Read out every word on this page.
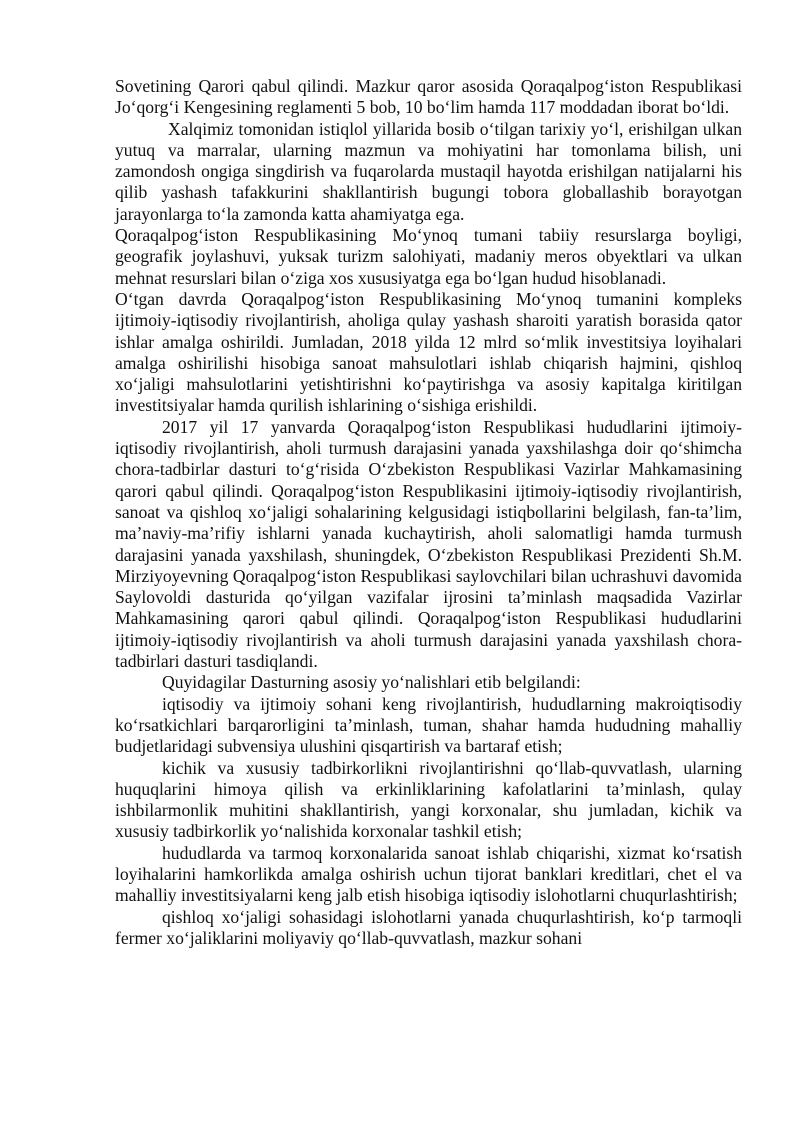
Sovetining Qarori qabul qilindi. Mazkur qaror asosida Qoraqalpog‘iston Respublikasi Jo‘qorg‘i Kengesining reglamenti 5 bob, 10 bo‘lim hamda 117 moddadan iborat bo‘ldi.

Xalqimiz tomonidan istiqlol yillarida bosib o‘tilgan tarixiy yo‘l, erishilgan ulkan yutuq va marralar, ularning mazmun va mohiyatini har tomonlama bilish, uni zamondosh ongiga singdirish va fuqarolarda mustaqil hayotda erishilgan natijalarni his qilib yashash tafakkurini shakllantirish bugungi tobora globallashib borayotgan jarayonlarga to‘la zamonda katta ahamiyatga ega.

Qoraqalpog‘iston Respublikasining Mo‘ynoq tumani tabiiy resurslarga boyligi, geografik joylashuvi, yuksak turizm salohiyati, madaniy meros obyektlari va ulkan mehnat resurslari bilan o‘ziga xos xususiyatga ega bo‘lgan hudud hisoblanadi.

O‘tgan davrda Qoraqalpog‘iston Respublikasining Mo‘ynoq tumanini kompleks ijtimoiy-iqtisodiy rivojlantirish, aholiga qulay yashash sharoiti yaratish borasida qator ishlar amalga oshirildi. Jumladan, 2018 yilda 12 mlrd so‘mlik investitsiya loyihalari amalga oshirilishi hisobiga sanoat mahsulotlari ishlab chiqarish hajmini, qishloq xo‘jaligi mahsulotlarini yetishtirishni ko‘paytirishga va asosiy kapitalga kiritilgan investitsiyalar hamda qurilish ishlarining o‘sishiga erishildi.

2017 yil 17 yanvarda Qoraqalpog‘iston Respublikasi hududlarini ijtimoiy-iqtisodiy rivojlantirish, aholi turmush darajasini yanada yaxshilashga doir qo‘shimcha chora-tadbirlar dasturi to‘g‘risida O‘zbekiston Respublikasi Vazirlar Mahkamasining qarori qabul qilindi. Qoraqalpog‘iston Respublikasini ijtimoiy-iqtisodiy rivojlantirish, sanoat va qishloq xo‘jaligi sohalarining kelgusidagi istiqbollarini belgilash, fan-ta’lim, ma’naviy-ma’rifiy ishlarni yanada kuchaytirish, aholi salomatligi hamda turmush darajasini yanada yaxshilash, shuningdek, O‘zbekiston Respublikasi Prezidenti Sh.M. Mirziyoyevning Qoraqalpog‘iston Respublikasi saylovchilari bilan uchrashuvi davomida Saylovoldi dasturida qo‘yilgan vazifalar ijrosini ta’minlash maqsadida Vazirlar Mahkamasining qarori qabul qilindi. Qoraqalpog‘iston Respublikasi hududlarini ijtimoiy-iqtisodiy rivojlantirish va aholi turmush darajasini yanada yaxshilash chora-tadbirlari dasturi tasdiqlandi.

Quyidagilar Dasturning asosiy yo‘nalishlari etib belgilandi:

iqtisodiy va ijtimoiy sohani keng rivojlantirish, hududlarning makroiqtisodiy ko‘rsatkichlari barqarorligini ta’minlash, tuman, shahar hamda hududning mahalliy budjetlaridagi subvensiya ulushini qisqartirish va bartaraf etish;

kichik va xususiy tadbirkorlikni rivojlantirishni qo‘llab-quvvatlash, ularning huquqlarini himoya qilish va erkinliklarining kafolatlarini ta’minlash, qulay ishbilarmonlik muhitini shakllantirish, yangi korxonalar, shu jumladan, kichik va xususiy tadbirkorlik yo‘nalishida korxonalar tashkil etish;

hududlarda va tarmoq korxonalarida sanoat ishlab chiqarishi, xizmat ko‘rsatish loyihalarini hamkorlikda amalga oshirish uchun tijorat banklari kreditlari, chet el va mahalliy investitsiyalarni keng jalb etish hisobiga iqtisodiy islohotlarni chuqurlashtirish;

qishloq xo‘jaligi sohasidagi islohotlarni yanada chuqurlashtirish, ko‘p tarmoqli fermer xo‘jaliklarini moliyaviy qo‘llab-quvvatlash, mazkur sohani
